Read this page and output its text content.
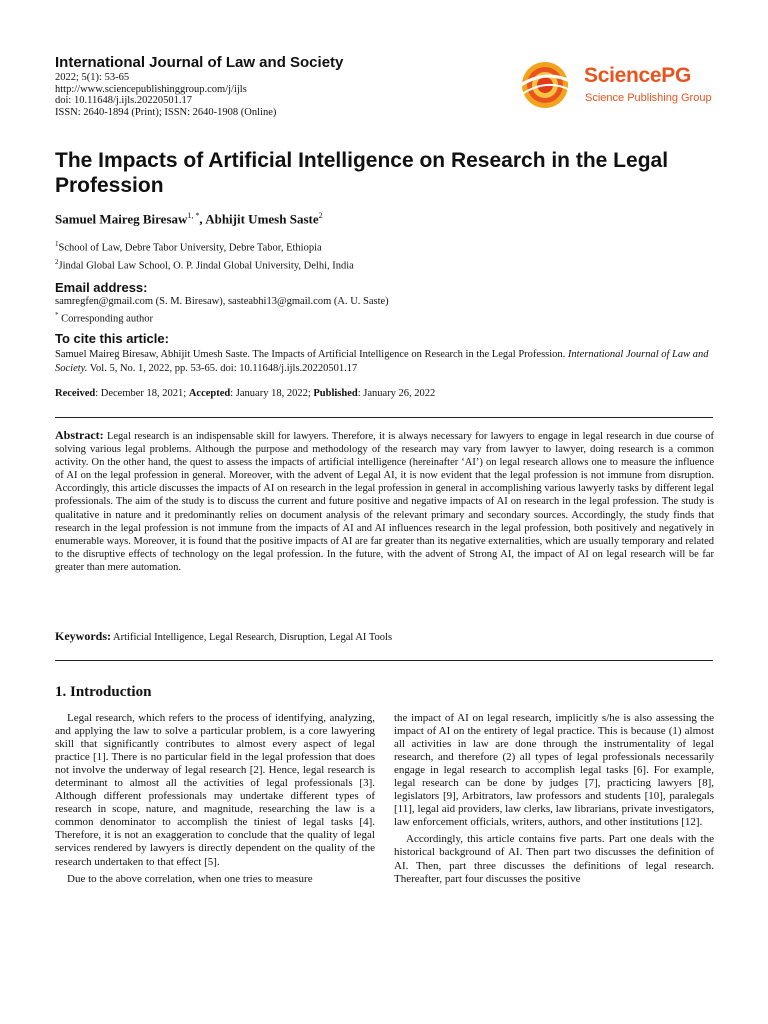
International Journal of Law and Society
2022; 5(1): 53-65
http://www.sciencepublishinggroup.com/j/ijls
doi: 10.11648/j.ijls.20220501.17
ISSN: 2640-1894 (Print); ISSN: 2640-1908 (Online)
SciencePG
Science Publishing Group
The Impacts of Artificial Intelligence on Research in the Legal Profession
Samuel Maireg Biresaw$^{1, *}$, Abhijit Umesh Saste$^2$
$^1$School of Law, Debre Tabor University, Debre Tabor, Ethiopia
$^2$Jindal Global Law School, O. P. Jindal Global University, Delhi, India
Email address:
samregfen@gmail.com (S. M. Biresaw), sasteabhi13@gmail.com (A. U. Saste)
* Corresponding author
To cite this article:
Samuel Maireg Biresaw, Abhijit Umesh Saste. The Impacts of Artificial Intelligence on Research in the Legal Profession. International Journal of Law and Society. Vol. 5, No. 1, 2022, pp. 53-65. doi: 10.11648/j.ijls.20220501.17
Received: December 18, 2021; Accepted: January 18, 2022; Published: January 26, 2022
Abstract: Legal research is an indispensable skill for lawyers. Therefore, it is always necessary for lawyers to engage in legal research in due course of solving various legal problems. Although the purpose and methodology of the research may vary from lawyer to lawyer, doing research is a common activity. On the other hand, the quest to assess the impacts of artificial intelligence (hereinafter ‘AI’) on legal research allows one to measure the influence of AI on the legal profession in general. Moreover, with the advent of Legal AI, it is now evident that the legal profession is not immune from disruption. Accordingly, this article discusses the impacts of AI on research in the legal profession in general in accomplishing various lawyerly tasks by different legal professionals. The aim of the study is to discuss the current and future positive and negative impacts of AI on research in the legal profession. The study is qualitative in nature and it predominantly relies on document analysis of the relevant primary and secondary sources. Accordingly, the study finds that research in the legal profession is not immune from the impacts of AI and AI influences research in the legal profession, both positively and negatively in enumerable ways. Moreover, it is found that the positive impacts of AI are far greater than its negative externalities, which are usually temporary and related to the disruptive effects of technology on the legal profession. In the future, with the advent of Strong AI, the impact of AI on legal research will be far greater than mere automation.
Keywords: Artificial Intelligence, Legal Research, Disruption, Legal AI Tools
1. Introduction

Legal research, which refers to the process of identifying, analyzing, and applying the law to solve a particular problem, is a core lawyering skill that significantly contributes to almost every aspect of legal practice [1]. There is no particular field in the legal profession that does not involve the underway of legal research [2]. Hence, legal research is determinant to almost all the activities of legal professionals [3]. Although different professionals may undertake different types of research in scope, nature, and magnitude, researching the law is a common denominator to accomplish the tiniest of legal tasks [4]. Therefore, it is not an exaggeration to conclude that the quality of legal services rendered by lawyers is directly dependent on the quality of the research undertaken to that effect [5].

Due to the above correlation, when one tries to measure

the impact of AI on legal research, implicitly s/he is also assessing the impact of AI on the entirety of legal practice. This is because (1) almost all activities in law are done through the instrumentality of legal research, and therefore (2) all types of legal professionals necessarily engage in legal research to accomplish legal tasks [6]. For example, legal research can be done by judges [7], practicing lawyers [8], legislators [9], Arbitrators, law professors and students [10], paralegals [11], legal aid providers, law clerks, law librarians, private investigators, law enforcement officials, writers, authors, and other institutions [12].

Accordingly, this article contains five parts. Part one deals with the historical background of AI. Then part two discusses the definition of AI. Then, part three discusses the definitions of legal research. Thereafter, part four discusses the positive
